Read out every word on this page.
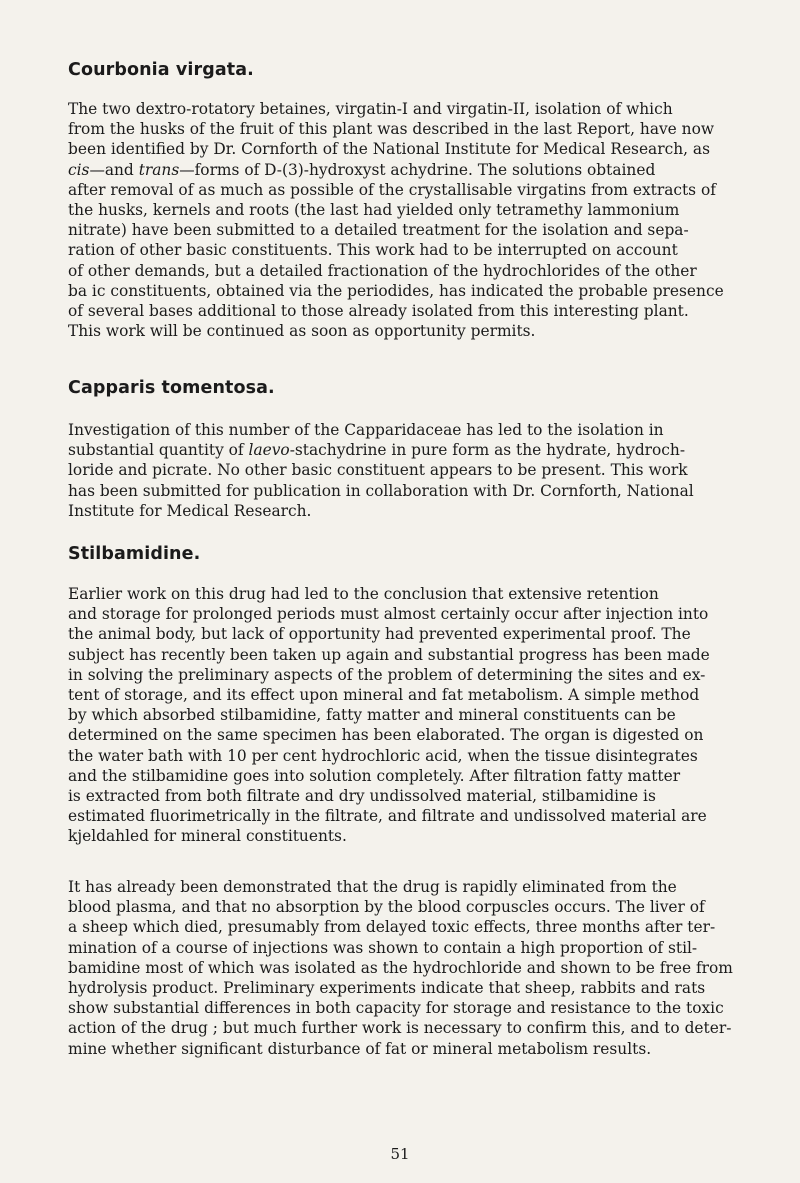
Courbonia virgata.
The two dextro-rotatory betaines, virgatin-I and virgatin-II, isolation of which
from the husks of the fruit of this plant was described in the last Report, have now
been identified by Dr. Cornforth of the National Institute for Medical Research, as
cis—and trans—forms of D-(3)-hydroxyst achydrine. The solutions obtained
after removal of as much as possible of the crystallisable virgatins from extracts of
the husks, kernels and roots (the last had yielded only tetramethy lammonium
nitrate) have been submitted to a detailed treatment for the isolation and sepa-
ration of other basic constituents. This work had to be interrupted on account
of other demands, but a detailed fractionation of the hydrochlorides of the other
ba ic constituents, obtained via the periodides, has indicated the probable presence
of several bases additional to those already isolated from this interesting plant.
This work will be continued as soon as opportunity permits.
Capparis tomentosa.
Investigation of this number of the Capparidaceae has led to the isolation in
substantial quantity of laevo-stachydrine in pure form as the hydrate, hydroch-
loride and picrate. No other basic constituent appears to be present. This work
has been submitted for publication in collaboration with Dr. Cornforth, National
Institute for Medical Research.
Stilbamidine.
Earlier work on this drug had led to the conclusion that extensive retention
and storage for prolonged periods must almost certainly occur after injection into
the animal body, but lack of opportunity had prevented experimental proof. The
subject has recently been taken up again and substantial progress has been made
in solving the preliminary aspects of the problem of determining the sites and ex-
tent of storage, and its effect upon mineral and fat metabolism. A simple method
by which absorbed stilbamidine, fatty matter and mineral constituents can be
determined on the same specimen has been elaborated. The organ is digested on
the water bath with 10 per cent hydrochloric acid, when the tissue disintegrates
and the stilbamidine goes into solution completely. After filtration fatty matter
is extracted from both filtrate and dry undissolved material, stilbamidine is
estimated fluorimetrically in the filtrate, and filtrate and undissolved material are
kjeldahled for mineral constituents.
It has already been demonstrated that the drug is rapidly eliminated from the
blood plasma, and that no absorption by the blood corpuscles occurs. The liver of
a sheep which died, presumably from delayed toxic effects, three months after ter-
mination of a course of injections was shown to contain a high proportion of stil-
bamidine most of which was isolated as the hydrochloride and shown to be free from
hydrolysis product. Preliminary experiments indicate that sheep, rabbits and rats
show substantial differences in both capacity for storage and resistance to the toxic
action of the drug ; but much further work is necessary to confirm this, and to deter-
mine whether significant disturbance of fat or mineral metabolism results.
51
